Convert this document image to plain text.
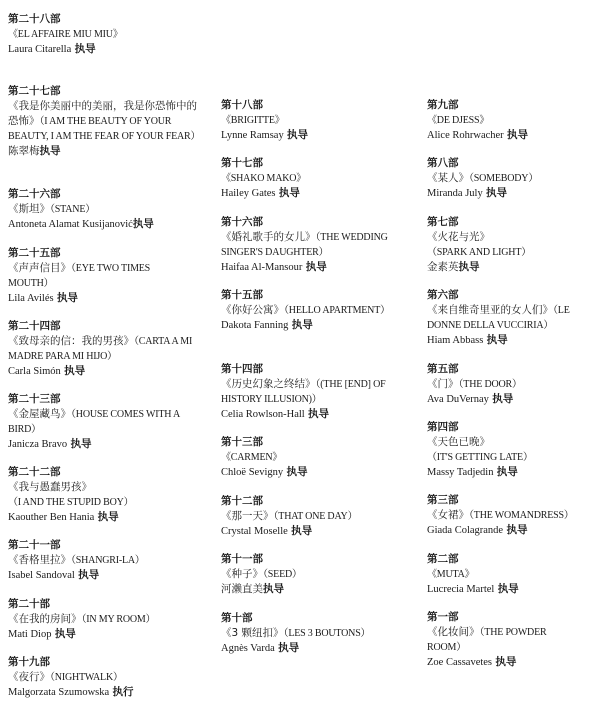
第二十八部
《EL AFFAIRE MIU MIU》
Laura Citarella 执导
第二十七部
《我是你美丽中的美丽，我是你恐怖中的恐怖》（I AM THE BEAUTY OF YOUR BEAUTY, I AM THE FEAR OF YOUR FEAR）
陈翠梅执导
第二十六部
《斯坦》（STANE）
Antoneta Alamat Kusijanović执导
第二十五部
《声声信目》（EYE TWO TIMES MOUTH）
Lila Avilés 执导
第二十四部
《致母亲的信：我的男孩》（CARTA A MI MADRE PARA MI HIJO）
Carla Simón 执导
第二十三部
《金屋藏鸟》（HOUSE COMES WITH A BIRD）
Janicza Bravo 执导
第二十二部
《我与愚蠢男孩》（I AND THE STUPID BOY）
Kaouther Ben Hania 执导
第二十一部
《香格里拉》（SHANGRI-LA）
Isabel Sandoval 执导
第二十部
《在我的房间》（IN MY ROOM）
Mati Diop 执导
第十九部
《夜行》（NIGHTWALK）
Malgorzata Szumowska 执行
第十八部
《BRIGITTE》
Lynne Ramsay 执导
第十七部
《SHAKO MAKO》
Hailey Gates 执导
第十六部
《婚礼歌手的女儿》（THE WEDDING SINGER'S DAUGHTER）
Haifaa Al-Mansour 执导
第十五部
《你好公寓》（HELLO APARTMENT）
Dakota Fanning 执导
第十四部
《历史幻象之终结》（(THE [END] OF HISTORY ILLUSION)）
Celia Rowlson-Hall 执导
第十三部
《CARMEN》
Chloë Sevigny 执导
第十二部
《那一天》（THAT ONE DAY）
Crystal Moselle 执导
第十一部
《种子》（SEED）
河濑直美执导
第十部
《3 颗纽扣》（LES 3 BOUTONS）
Agnès Varda 执导
第九部
《DE DJESS》
Alice Rohrwacher 执导
第八部
《某人》（SOMEBODY）
Miranda July 执导
第七部
《火花与光》（SPARK AND LIGHT）
金素英执导
第六部
《来自维奇里亚的女人们》（LE DONNE DELLA VUCCIRIA）
Hiam Abbass 执导
第五部
《门》（THE DOOR）
Ava DuVernay 执导
第四部
《天色已晚》（IT'S GETTING LATE）
Massy Tadjedin 执导
第三部
《女裙》（THE WOMANDRESS）
Giada Colagrande 执导
第二部
《MUTA》
Lucrecia Martel 执导
第一部
《化妆间》（THE POWDER ROOM）
Zoe Cassavetes 执导
